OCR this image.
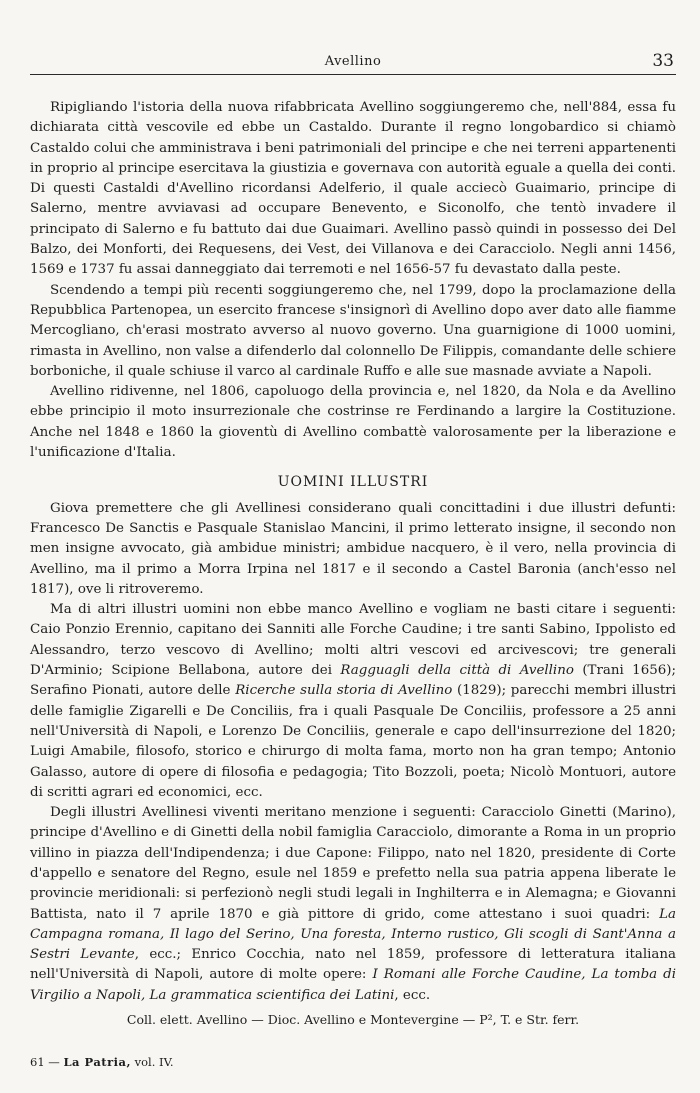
Avellino	33

Ripigliando l'istoria della nuova rifabbricata Avellino soggiungeremo che, nell'884, essa fu dichiarata città vescovile ed ebbe un Castaldo. Durante il regno longobardico si chiamò Castaldo colui che amministrava i beni patrimoniali del principe e che nei terreni appartenenti in proprio al principe esercitava la giustizia e governava con autorità eguale a quella dei conti. Di questi Castaldi d'Avellino ricordansi Adelferio, il quale acciecò Guaimario, principe di Salerno, mentre avviavasi ad occupare Benevento, e Siconolfo, che tentò invadere il principato di Salerno e fu battuto dai due Guaimari. Avellino passò quindi in possesso dei Del Balzo, dei Monforti, dei Requesens, dei Vest, dei Villanova e dei Caracciolo. Negli anni 1456, 1569 e 1737 fu assai danneggiato dai terremoti e nel 1656-57 fu devastato dalla peste.

Scendendo a tempi più recenti soggiungeremo che, nel 1799, dopo la proclamazione della Repubblica Partenopea, un esercito francese s'insignorì di Avellino dopo aver dato alle fiamme Mercogliano, ch'erasi mostrato avverso al nuovo governo. Una guarnigione di 1000 uomini, rimasta in Avellino, non valse a difenderlo dal colonnello De Filippis, comandante delle schiere borboniche, il quale schiuse il varco al cardinale Ruffo e alle sue masnade avviate a Napoli.

Avellino ridivenne, nel 1806, capoluogo della provincia e, nel 1820, da Nola e da Avellino ebbe principio il moto insurrezionale che costrinse re Ferdinando a largire la Costituzione. Anche nel 1848 e 1860 la gioventù di Avellino combattè valorosamente per la liberazione e l'unificazione d'Italia.

UOMINI ILLUSTRI

Giova premettere che gli Avellinesi considerano quali concittadini i due illustri defunti: Francesco De Sanctis e Pasquale Stanislao Mancini, il primo letterato insigne, il secondo non men insigne avvocato, già ambidue ministri; ambidue nacquero, è il vero, nella provincia di Avellino, ma il primo a Morra Irpina nel 1817 e il secondo a Castel Baronia (anch'esso nel 1817), ove li ritroveremo.

Ma di altri illustri uomini non ebbe manco Avellino e vogliam ne basti citare i seguenti: Caio Ponzio Erennio, capitano dei Sanniti alle Forche Caudine; i tre santi Sabino, Ippolisto ed Alessandro, terzo vescovo di Avellino; molti altri vescovi ed arcivescovi; tre generali D'Arminio; Scipione Bellabona, autore dei Ragguagli della città di Avellino (Trani 1656); Serafino Pionati, autore delle Ricerche sulla storia di Avellino (1829); parecchi membri illustri delle famiglie Zigarelli e De Conciliis, fra i quali Pasquale De Conciliis, professore a 25 anni nell'Università di Napoli, e Lorenzo De Conciliis, generale e capo dell'insurrezione del 1820; Luigi Amabile, filosofo, storico e chirurgo di molta fama, morto non ha gran tempo; Antonio Galasso, autore di opere di filosofia e pedagogia; Tito Bozzoli, poeta; Nicolò Montuori, autore di scritti agrari ed economici, ecc.

Degli illustri Avellinesi viventi meritano menzione i seguenti: Caracciolo Ginetti (Marino), principe d'Avellino e di Ginetti della nobil famiglia Caracciolo, dimorante a Roma in un proprio villino in piazza dell'Indipendenza; i due Capone: Filippo, nato nel 1820, presidente di Corte d'appello e senatore del Regno, esule nel 1859 e prefetto nella sua patria appena liberate le provincie meridionali: si perfezionò negli studi legali in Inghilterra e in Alemagna; e Giovanni Battista, nato il 7 aprile 1870 e già pittore di grido, come attestano i suoi quadri: La Campagna romana, Il lago del Serino, Una foresta, Interno rustico, Gli scogli di Sant'Anna a Sestri Levante, ecc.; Enrico Cocchia, nato nel 1859, professore di letteratura italiana nell'Università di Napoli, autore di molte opere: I Romani alle Forche Caudine, La tomba di Virgilio a Napoli, La grammatica scientifica dei Latini, ecc.

Coll. elett. Avellino — Dioc. Avellino e Montevergine — P², T. e Str. ferr.
61 — La Patria, vol. IV.
